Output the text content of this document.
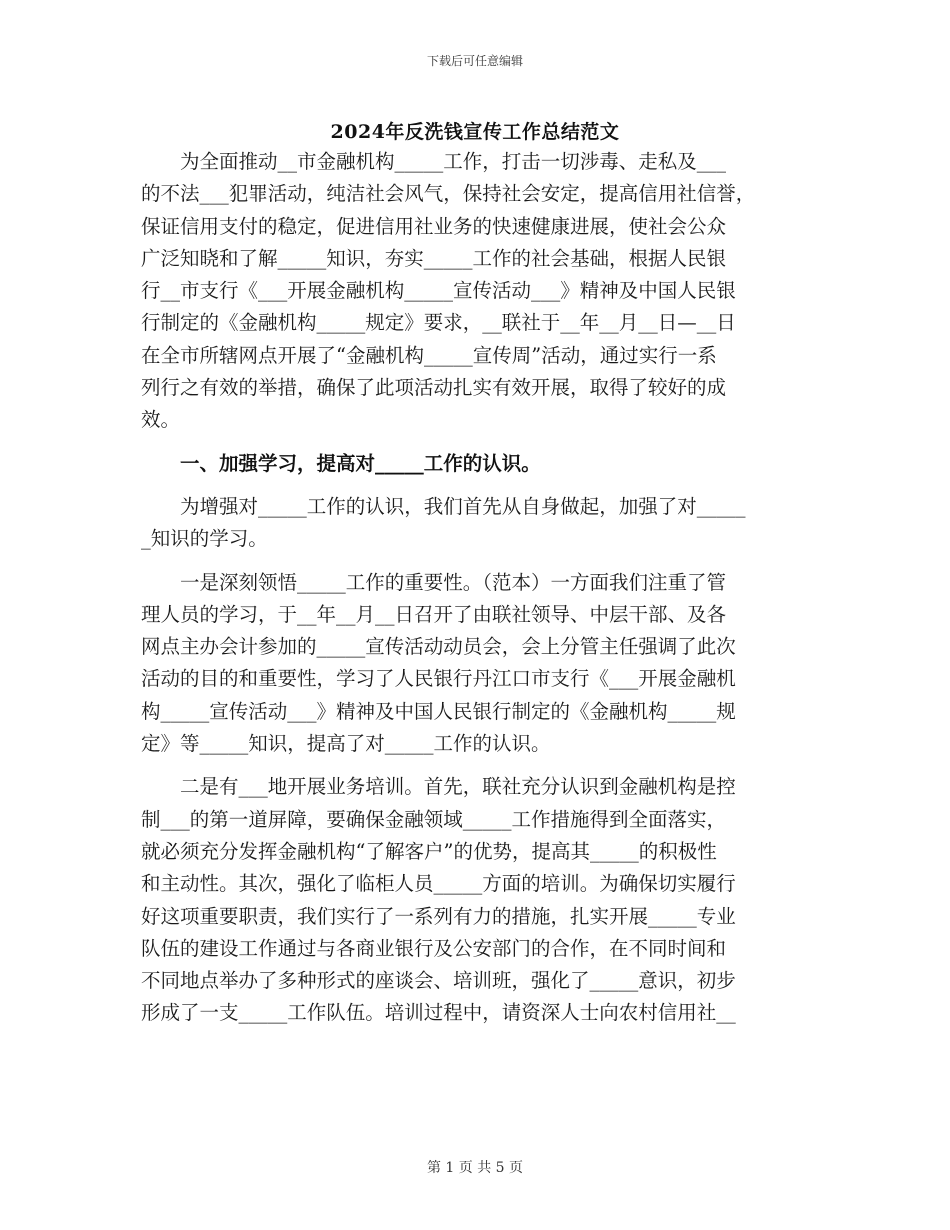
下载后可任意编辑
2024年反洗钱宣传工作总结范文

　　为全面推动__市金融机构_____工作，打击一切涉毒、走私及___

的不法___犯罪活动，纯洁社会风气，保持社会安定，提高信用社信誉，

保证信用支付的稳定，促进信用社业务的快速健康进展，使社会公众

广泛知晓和了解_____知识，夯实_____工作的社会基础，根据人民银

行__市支行《___开展金融机构_____宣传活动___》精神及中国人民银

行制定的《金融机构_____规定》要求，__联社于__年__月__日—__日

在全市所辖网点开展了“金融机构_____宣传周”活动，通过实行一系

列行之有效的举措，确保了此项活动扎实有效开展，取得了较好的成

效。

　　一、加强学习，提高对_____工作的认识。

　　为增强对_____工作的认识，我们首先从自身做起，加强了对_____

_知识的学习。

　　一是深刻领悟_____工作的重要性。（范本）一方面我们注重了管

理人员的学习，于__年__月__日召开了由联社领导、中层干部、及各

网点主办会计参加的_____宣传活动动员会，会上分管主任强调了此次

活动的目的和重要性，学习了人民银行丹江口市支行《___开展金融机

构_____宣传活动___》精神及中国人民银行制定的《金融机构_____规

定》等_____知识，提高了对_____工作的认识。

　　二是有___地开展业务培训。首先，联社充分认识到金融机构是控

制___的第一道屏障，要确保金融领域_____工作措施得到全面落实，

就必须充分发挥金融机构“了解客户”的优势，提高其_____的积极性

和主动性。其次，强化了临柜人员_____方面的培训。为确保切实履行

好这项重要职责，我们实行了一系列有力的措施，扎实开展_____专业

队伍的建设工作通过与各商业银行及公安部门的合作，在不同时间和

不同地点举办了多种形式的座谈会、培训班，强化了_____意识，初步

形成了一支_____工作队伍。培训过程中，请资深人士向农村信用社__

第 1 页 共 5 页
